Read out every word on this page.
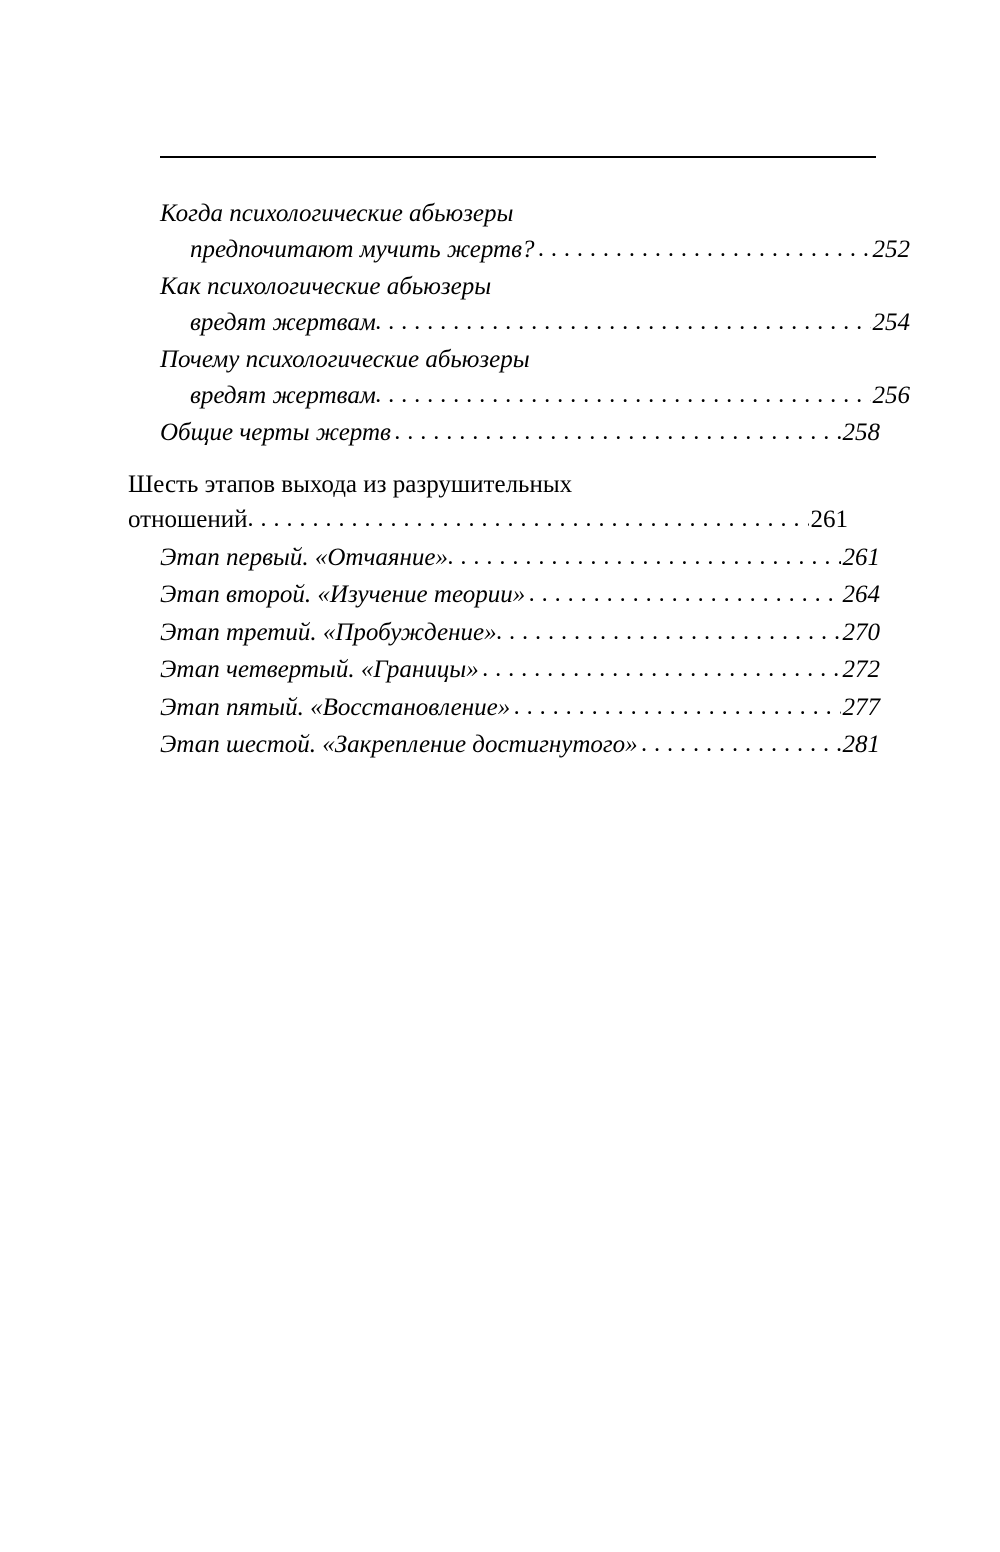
Когда психологические абьюзеры
предпочитают мучить жертв? . . .	252
Как психологические абьюзеры
вредят жертвам . . .	254
Почему психологические абьюзеры
вредят жертвам . . .	256
Общие черты жертв . . .	258
Шесть этапов выхода из разрушительных
отношений . . .	261
Этап первый. «Отчаяние» . . .	261
Этап второй. «Изучение теории» . . .	264
Этап третий. «Пробуждение» . . .	270
Этап четвертый. «Границы» . . .	272
Этап пятый. «Восстановление» . . .	277
Этап шестой. «Закрепление достигнутого» . . .	281
